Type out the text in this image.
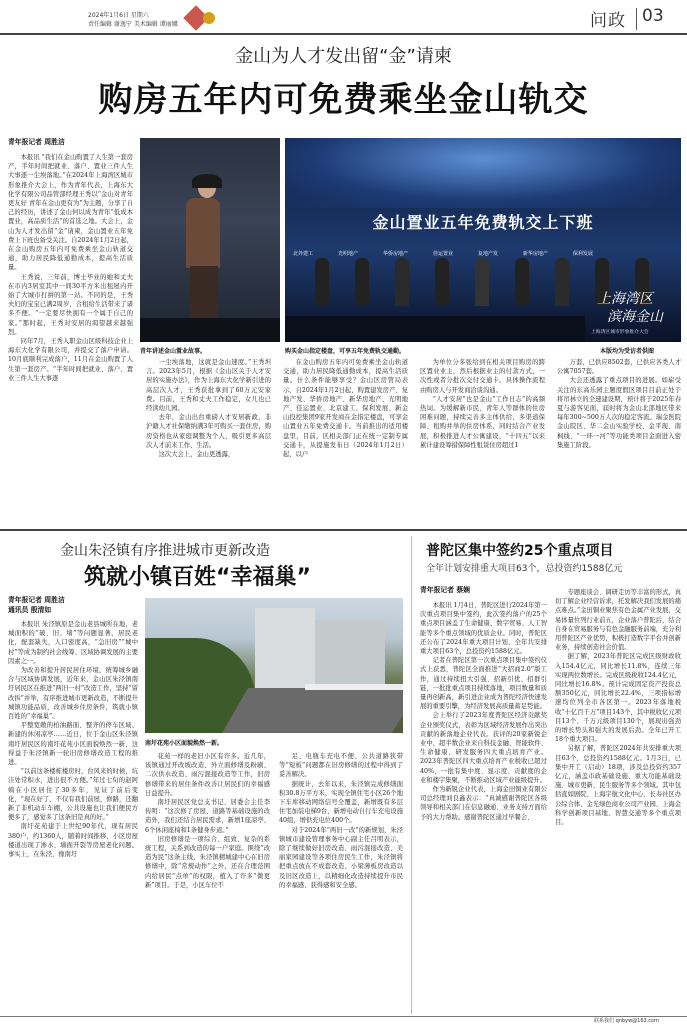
2024年1月6日 星期六
责任编辑 谢逸宁 美术编辑 谭丽娜	问政 03
金山为人才发出留“金”请柬
购房五年内可免费乘坐金山轨交
青年报记者 周胜洁

本报讯 “我们在金山购置了人生第一套房产，半年时间把就业、落户、置业三件人生大事逐一尘埃落地。”在2024年上海湾区城市形象推介大会上，作为青年代表，上海东大化学有限公司品管部经理王秀以“金山对青年更友好 青年在金山更有为”为主题，分享了自己的经历，讲述了金山何以成为青年“低成本置业，高品质生活”的首选之地。大会上，金山为人才发出留“金”请柬，金山置业五年免费上下班也备受关注。自2024年1月2日起，在金山购房五年内可免费乘坐金山轨道交通，助力居民降低通勤成本，提高生活质量。

王秀说，三年前，博士毕业的她和丈夫在市内3居室其中一间30平方米出租屋内开始了大城市打拼的第一站。不同的是，王秀夫妇的宝宝已满2周岁，合租给生活带来了诸多不便。“一定要尽快拥有一个属于自己的家。”那时起，王秀对安居的渴望越来越强烈。

同年7月，王秀入职金山区级科技企业上海东大化学有限公司，并提交了落户申请。10月底顺利完成落户，11月在金山购置了人生第一套房产。“半年时间把就业、落户、置业三件人生大事逐

青年讲述金山置业故事。
金山置业五年免费轨交上下班
北外建工	光明地产	华侨房地产	佳运置业	复地产发	新华房地产	保利发展
上海湾区
滨海金山
上海湾区城市形象推介大会
购买金山指定楼盘，可享五年免费轨交通勤。	本版均为受访者供图

一尘埃落地，这就是金山速度。”王秀坦言。2023年5月，根据《金山区关于人才安居的实施办法》，作为上海东大化学新引进的高层次人才，王秀获批拿到了60万元安家费。目前，王秀和丈夫工作稳定，女儿也已经读幼儿园。

去年，金山出台重磅人才安居新政，非沪籍人才社保缴纳满3年可购买一套住房，购房资格也从家庭调整为个人，吸引更多高层次人才前来工作、生活。

这次大会上，金山更透露，

在金山购房五年内可免费乘坐金山轨道交通，助力居民降低通勤成本，提高生活质量。什么条件能够享受？金山区房管局表示，自2024年1月2日起，购置建发房产、复地产发、华侨房地产、新华房地产、光明地产、佳运置业、北京建工、保利发展、新金山投控集团9家开发商在金指定楼盘，可享金山置业五年免费交通卡。当前推出的适用楼盘里，目前，区相关部门正在统一定制专属交通卡，从提施发布日（2024年1月2日）起，以户

为单位分多张给到在相关项目购房的跨区置业业主，然后根据业主的付款方式，一次性或者分批次交付交通卡。具体操作流程由购房人与开发商洽谈沟通。

“人才安居”也是金山“工作日志”的高频热词。为缓解新市民、青年人等群体的住房困难问题，持续完善多主体供给、多渠道保障、租购并举的住房体系，同时结合产业发展，积极推进人才公寓建设，“十四五”以来累计建设筹措保障性租赁住房超过1

万套，已供应8502套，已供应各类人才公寓7057套。

大会还透露了重点项目的进展。如崭受关注的东高乐园主题度假区项目目前正处于将吊林立的全速建设期，预计将于2025年春夏与游客见面，届时将为金山北部地区带来每年300~500万人次的稳定客流。瑞金医院金山院区、华二金山实验学校、金平现、南枫线、“一环一河”等功能类项目金面进入密集施工阶段。

金山朱泾镇有序推进城市更新改造
筑就小镇百姓“幸福巢”
青年报记者 周胜洁
通讯员 殷清如

本报讯 朱泾镇原是金山老县城所在地，老城面积的“破、旧、堵”等问题显著，居民老化，配套缺失，人口密度高，“急旧房”“城中村”等成为制约社会线筹、区域协调发展的主要因素之一。

为改善和提升居民居住环境，统筹城乡融合与区域协调发展，近年来，金山区朱泾镇南圩居民区在推进“两旧一村”改造工作，坚持“留改拆”并举，有序推进城市更新改造，不断提升城镇功能品质，改善城乡住房条件，筑就小镇百姓的“幸福巢”。

平整宽敞的柏油路面、整齐的停车区域、新建的休闲凉亭……近日，位于金山区朱泾镇南圩居民区的南圩花苑小区面貌焕然一新，这得益于朱泾镇新一轮旧房修缮改造工程的推进。

“以前这条楼栋楼房时，台风来的时候，坑洼处常积水，进出很不方便。”年过七旬的赵阿姨在小区居住了30多年，见证了前后变化，“现在好了，不仅有我们前屋，修路，还翻新了非机动车车棚，公共设施也让我们便民方便多了，感觉多了这条旧是真的好。”

南圩花苑建于上世纪90年代，现有居民380户，约1360人，随着时间推移，小区房屋楼道出现了渗水、墙面开裂等房屋老化问题。事实上，在朱泾，像南圩

南圩花苑小区面貌焕然一新。

花苑一样的老旧小区有许多。近几年，该镇通过开改坡改造、外立面修缮及粉刷、二次供水改造、雨污混接改造等工作，旧房修缮带来的居住条件改善让居民们的幸福感日益提升。

南圩居民区党总支书记、居委会主任李传明：“这次修了房屋、道路等基础设施的改造外，我们还结合居民需求，新增1座凉亭、6个休闲座椅和1条健身步道。”

旧房修缮是一项综合、组致、复杂的系统工程，关系到改造的每一户家庭。围绕“改造为民”这条主线，朱泾镇精城建中心在旧房修缮中，除“常规动作”之外，还在合理范围内给居民“点单”的权限，植入了许多“微更新”项目。于是，小区车位不

足、电瓶车充电不便、公共道路狭带等“短板”问题都在旧房修缮的过程中得到了妥善解决。

据统计，去年以来，朱泾镇完成修缮面积30.8万平方米，实现全镇住宅小区26个地下车库移动网络信号全覆盖，新增既有多层住宅加装电梯9台，新增电动自行车充电设施40组，增供充电位400个。

对于2024年“两旧一改”的新规划，朱泾镇城市建设管理事务中心副主任吕明表示，除了继续做好旧房改造、雨污混接改造、美丽家园建设等各项住房民生工作，朱泾镇将把重点放在不成套改造、小梁薄板房改造以及旧区改造上，以精细化改造持续提升市民的幸福感、获得感和安全感。

普陀区集中签约25个重点项目
全年计划安排重大项目63个，总投资约1588亿元
青年报记者 蔡娴

本报讯 1月4日，普陀区进行2024年第一次重点项目集中签约，此次签约落户的25个重点项目涵盖了生命健康、数字贸易、人工智能等多个重点领域的优质企业。同时，普陀区还公布了2024年重大项目计划，全年共安排重大项目63个，总投资约1588亿元。

记者在普陀区第一次重点项目集中签约仪式上获悉，普陀区全面推进“大招商2.0”版工作，通过持续扭大引强、招新引优、招群引链，一批批重点项目持续落地，项目数量和质量再创新高，新引进企业成为普陀经济快速发展的重要引擎，为经济发展高质量蓄足势能。

会上举行了2023年度普陀区经济贡献奖企业颁奖仪式，表彰为区域经济发展作出突出贡献的新落地企业代表。获评的20家新锐企业中，超半数企业来自科技金融、智能软件、生命健康、研发服务四大重点培育产业。2023年普陀区四大重点培育产业税收已超过40%，一批有集中度、显示度、贡献度的企业和楼宇集聚，不断推动区域产业能级提升。

作为新锐企业代表，上海金田铜业有限公司总经理刘良鑫表示：“真诚感谢普陀区各级领导和相关部门在信息融通、业务支持方面给予的大力帮助。感谢普陀区通过早餐会、

专题座谈会、调研走访等丰富的形式，真切了解企业经营诉求，托发解决我们发展的痛点难点。”金田铜业聚焦有色金属产业发展，交易体量位列行业前五，企业落户普陀后，结合自身在贸易服务与有色金融服务前端，充分利用普陀区产业优势，积极打造数字平台并创新业务，持续创造社会价值。

据了解，2023年普陀区完成区级财政收入154.4亿元，同比增长11.8%，连续三年实现两位数增长。完成区级税收124.4亿元，同比增长16.8%。预计完成固定资产投资总额350亿元，同比增长22.4%，三项指标增速均位列全市各区第一。2023年落地税收“十亿百千万”项目143个，其中税收亿元项目13个、千万元级项目130个，展现出强劲的增长势头和强大的发展后劲。全年已开工18个重大项目。

另据了解，普陀区2024年共安排重大项目63个，总投资约1588亿元。1月3日，已集中开工（启动）18项，涉及总投资约357亿元，涵盖市政基础设施、重大功能基础设施、城市更新、民生服务等多个领域。其中包括直如剧院、上海宇航文化中心、长寿社区办公综合体、金光绿色商业公司产业园、上海金科学创新项目基地、智慧交通等多个重点项目。

联系我们 qnbyw@163.com
